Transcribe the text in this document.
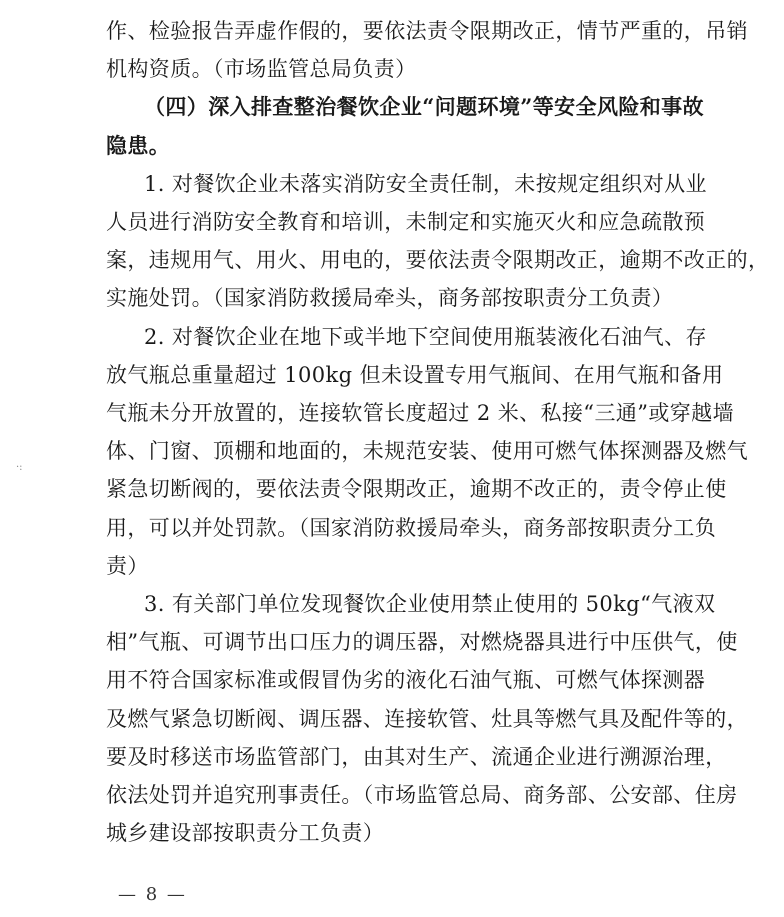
作、检验报告弄虚作假的，要依法责令限期改正，情节严重的，吊销
机构资质。（市场监管总局负责）
（四）深入排查整治餐饮企业“问题环境”等安全风险和事故
隐患。
1. 对餐饮企业未落实消防安全责任制，未按规定组织对从业
人员进行消防安全教育和培训，未制定和实施灭火和应急疏散预
案，违规用气、用火、用电的，要依法责令限期改正，逾期不改正的，
实施处罚。（国家消防救援局牵头，商务部按职责分工负责）
2. 对餐饮企业在地下或半地下空间使用瓶装液化石油气、存
放气瓶总重量超过 100kg 但未设置专用气瓶间、在用气瓶和备用
气瓶未分开放置的，连接软管长度超过 2 米、私接“三通”或穿越墙
体、门窗、顶棚和地面的，未规范安装、使用可燃气体探测器及燃气
紧急切断阀的，要依法责令限期改正，逾期不改正的，责令停止使
用，可以并处罚款。（国家消防救援局牵头，商务部按职责分工负
责）
3. 有关部门单位发现餐饮企业使用禁止使用的 50kg“气液双
相”气瓶、可调节出口压力的调压器，对燃烧器具进行中压供气，使
用不符合国家标准或假冒伪劣的液化石油气瓶、可燃气体探测器
及燃气紧急切断阀、调压器、连接软管、灶具等燃气具及配件等的，
要及时移送市场监管部门，由其对生产、流通企业进行溯源治理，
依法处罚并追究刑事责任。（市场监管总局、商务部、公安部、住房
城乡建设部按职责分工负责）
·:
— 8 —
